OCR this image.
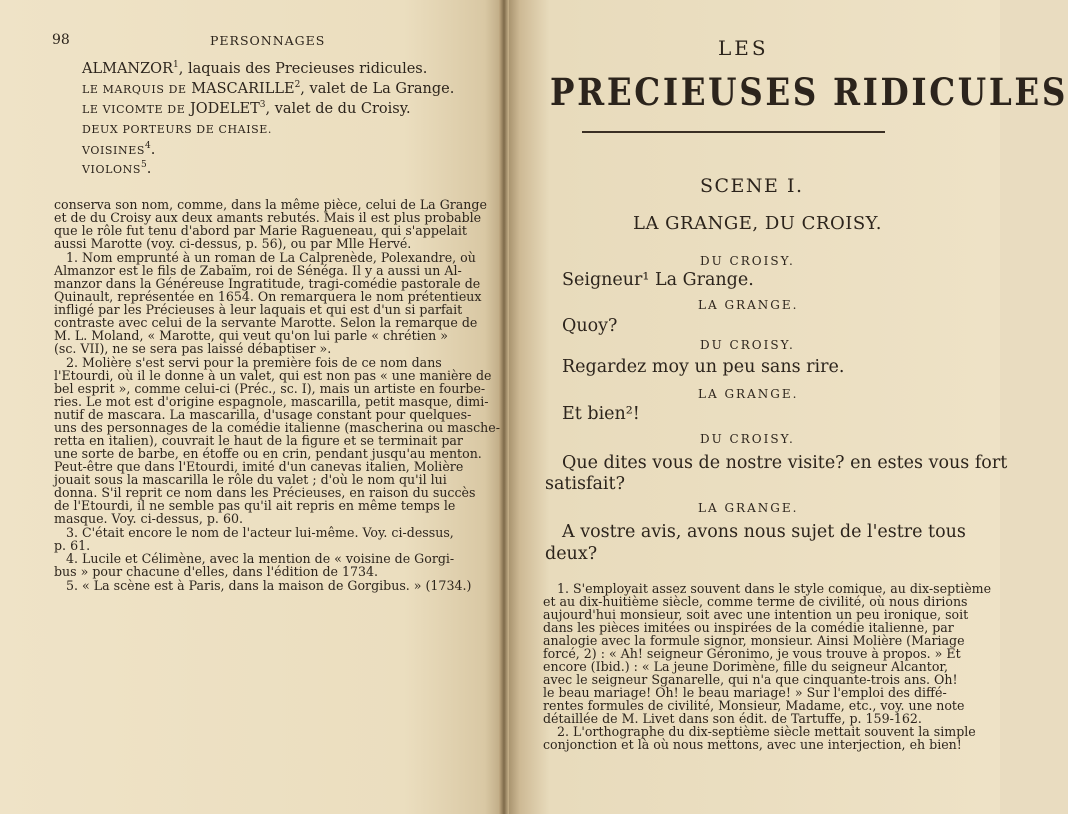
98	PERSONNAGES
ALMANZOR$^1$, laquais des Precieuses ridicules.
LE MARQUIS DE MASCARILLE$^2$, valet de La Grange.
LE VICOMTE DE JODELET$^3$, valet de du Croisy.
DEUX PORTEURS DE CHAISE.
VOISINES$^4$.
VIOLONS$^5$.
conserva son nom, comme, dans la même pièce, celui de La Grange
et de du Croisy aux deux amants rebutés. Mais il est plus probable
que le rôle fut tenu d'abord par Marie Ragueneau, qui s'appelait
aussi Marotte (voy. ci-dessus, p. 56), ou par Mlle Hervé.
1. Nom emprunté à un roman de La Calprenède, Polexandre, où
Almanzor est le fils de Zabaïm, roi de Sénéga. Il y a aussi un Al-
manzor dans la Généreuse Ingratitude, tragi-comédie pastorale de
Quinault, représentée en 1654. On remarquera le nom prétentieux
infligé par les Précieuses à leur laquais et qui est d'un si parfait
contraste avec celui de la servante Marotte. Selon la remarque de
M. L. Moland, « Marotte, qui veut qu'on lui parle « chrétien »
(sc. VII), ne se sera pas laissé débaptiser ».
2. Molière s'est servi pour la première fois de ce nom dans
l'Etourdi, où il le donne à un valet, qui est non pas « une manière de
bel esprit », comme celui-ci (Préc., sc. I), mais un artiste en fourbe-
ries. Le mot est d'origine espagnole, mascarilla, petit masque, dimi-
nutif de mascara. La mascarilla, d'usage constant pour quelques-
uns des personnages de la comédie italienne (mascherina ou masche-
retta en italien), couvrait le haut de la figure et se terminait par
une sorte de barbe, en étoffe ou en crin, pendant jusqu'au menton.
Peut-être que dans l'Etourdi, imité d'un canevas italien, Molière
jouait sous la mascarilla le rôle du valet ; d'où le nom qu'il lui
donna. S'il reprit ce nom dans les Précieuses, en raison du succès
de l'Etourdi, il ne semble pas qu'il ait repris en même temps le
masque. Voy. ci-dessus, p. 60.
3. C'était encore le nom de l'acteur lui-même. Voy. ci-dessus,
p. 61.
4. Lucile et Célimène, avec la mention de « voisine de Gorgi-
bus » pour chacune d'elles, dans l'édition de 1734.
5. « La scène est à Paris, dans la maison de Gorgibus. » (1734.)
LES
PRECIEUSES RIDICULES
SCENE I.
LA GRANGE, DU CROISY.
DU CROISY.
Seigneur¹ La Grange.
LA GRANGE.
Quoy?
DU CROISY.
Regardez moy un peu sans rire.
LA GRANGE.
Et bien²!
DU CROISY.
Que dites vous de nostre visite? en estes vous fort
satisfait?
LA GRANGE.
A vostre avis, avons nous sujet de l'estre tous
deux?
1. S'employait assez souvent dans le style comique, au dix-septième
et au dix-huitième siècle, comme terme de civilité, où nous dirions
aujourd'hui monsieur, soit avec une intention un peu ironique, soit
dans les pièces imitées ou inspirées de la comédie italienne, par
analogie avec la formule signor, monsieur. Ainsi Molière (Mariage
forcé, 2) : « Ah! seigneur Géronimo, je vous trouve à propos. » Et
encore (Ibid.) : « La jeune Dorimène, fille du seigneur Alcantor,
avec le seigneur Sganarelle, qui n'a que cinquante-trois ans. Oh!
le beau mariage! Oh! le beau mariage! » Sur l'emploi des diffé-
rentes formules de civilité, Monsieur, Madame, etc., voy. une note
détaillée de M. Livet dans son édit. de Tartuffe, p. 159-162.
2. L'orthographe du dix-septième siècle mettait souvent la simple
conjonction et là où nous mettons, avec une interjection, eh bien!
